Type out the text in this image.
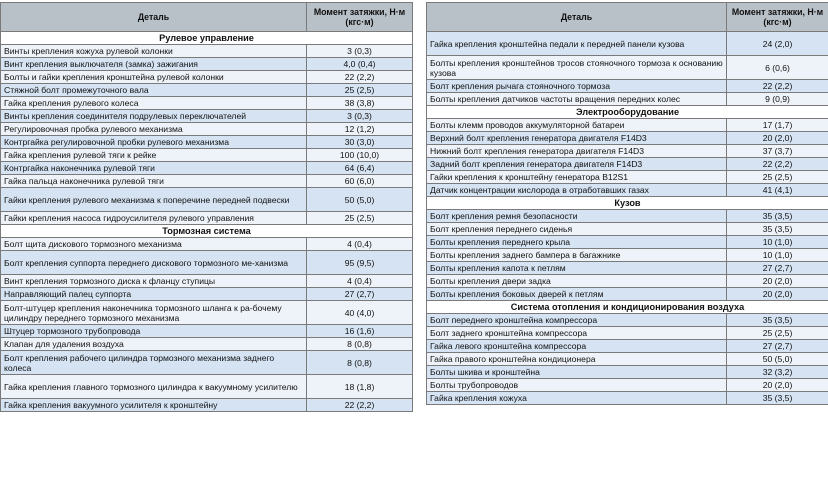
Деталь	Момент затяжки, Н·м (кгс·м)
Рулевое управление	
Винты крепления кожуха рулевой колонки	3 (0,3)
Винт крепления выключателя (замка) зажигания	4,0 (0,4)
Болты и гайки крепления кронштейна рулевой колонки	22 (2,2)
Стяжной болт промежуточного вала	25 (2,5)
Гайка крепления рулевого колеса	38 (3,8)
Винты крепления соединителя подрулевых переключателей	3 (0,3)
Регулировочная пробка рулевого механизма	12 (1,2)
Контргайка регулировочной пробки рулевого механизма	30 (3,0)
Гайка крепления рулевой тяги к рейке	100 (10,0)
Контргайка наконечника рулевой тяги	64 (6,4)
Гайка пальца наконечника рулевой тяги	60 (6,0)
Гайки крепления рулевого механизма к поперечине передней подвески	50 (5,0)
Гайки крепления насоса гидроусилителя рулевого управления	25 (2,5)
Тормозная система	
Болт щита дискового тормозного механизма	4 (0,4)
Болт крепления суппорта переднего дискового тормозного ме-ханизма	95 (9,5)
Винт крепления тормозного диска к фланцу ступицы	4 (0,4)
Направляющий палец суппорта	27 (2,7)
Болт-штуцер крепления наконечника тормозного шланга к ра-бочему цилиндру переднего тормозного механизма	40 (4,0)
Штуцер тормозного трубопровода	16 (1,6)
Клапан для удаления воздуха	8 (0,8)
Болт крепления рабочего цилиндра тормозного механизма заднего колеса	8 (0,8)
Гайка крепления главного тормозного цилиндра к вакуумному усилителю	18 (1,8)
Гайка крепления вакуумного усилителя к кронштейну	22 (2,2)
Деталь	Момент затяжки, Н·м (кгс·м)
Гайка крепления кронштейна педали к передней панели кузова	24 (2,0)
Болты крепления кронштейнов тросов стояночного тормоза к основанию кузова	6 (0,6)
Болт крепления рычага стояночного тормоза	22 (2,2)
Болты крепления датчиков частоты вращения передних колес	9 (0,9)
Электрооборудование	
Болты клемм проводов аккумуляторной батареи	17 (1,7)
Верхний болт крепления генератора двигателя F14D3	20 (2,0)
Нижний болт крепления генератора двигателя F14D3	37 (3,7)
Задний болт крепления генератора двигателя F14D3	22 (2,2)
Гайки крепления к кронштейну генератора B12S1	25 (2,5)
Датчик концентрации кислорода в отработавших газах	41 (4,1)
Кузов	
Болт крепления ремня безопасности	35 (3,5)
Болт крепления переднего сиденья	35 (3,5)
Болты крепления переднего крыла	10 (1,0)
Болты крепления заднего бампера в багажнике	10 (1,0)
Болты крепления капота к петлям	27 (2,7)
Болты крепления двери задка	20 (2,0)
Болты крепления боковых дверей к петлям	20 (2,0)
Система отопления и кондиционирования воздуха	
Болт переднего кронштейна компрессора	35 (3,5)
Болт заднего кронштейна компрессора	25 (2,5)
Гайка левого кронштейна компрессора	27 (2,7)
Гайка правого кронштейна кондиционера	50 (5,0)
Болты шкива и кронштейна	32 (3,2)
Болты трубопроводов	20 (2,0)
Гайка крепления кожуха	35 (3,5)
